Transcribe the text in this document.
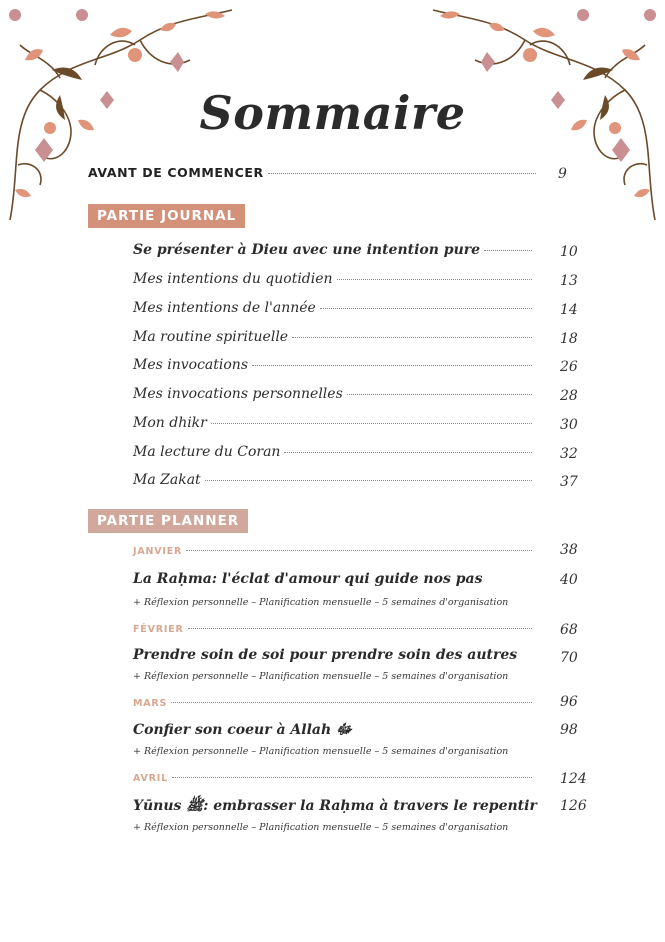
Sommaire
AVANT DE COMMENCER	9
PARTIE JOURNAL
Se présenter à Dieu avec une intention pure	10
Mes intentions du quotidien	13
Mes intentions de l'année	14
Ma routine spirituelle	18
Mes invocations	26
Mes invocations personnelles	28
Mon dhikr	30
Ma lecture du Coran	32
Ma Zakat	37
PARTIE PLANNER
JANVIER	38
La Raḥma: l'éclat d'amour qui guide nos pas	40
+ Réflexion personnelle – Planification mensuelle – 5 semaines d'organisation
FÉVRIER	68
Prendre soin de soi pour prendre soin des autres	70
+ Réflexion personnelle – Planification mensuelle – 5 semaines d'organisation
MARS	96
Confier son coeur à Allah ﷻ	98
+ Réflexion personnelle – Planification mensuelle – 5 semaines d'organisation
AVRIL	124
Yūnus ﷺ: embrasser la Raḥma à travers le repentir 126
+ Réflexion personnelle – Planification mensuelle – 5 semaines d'organisation
